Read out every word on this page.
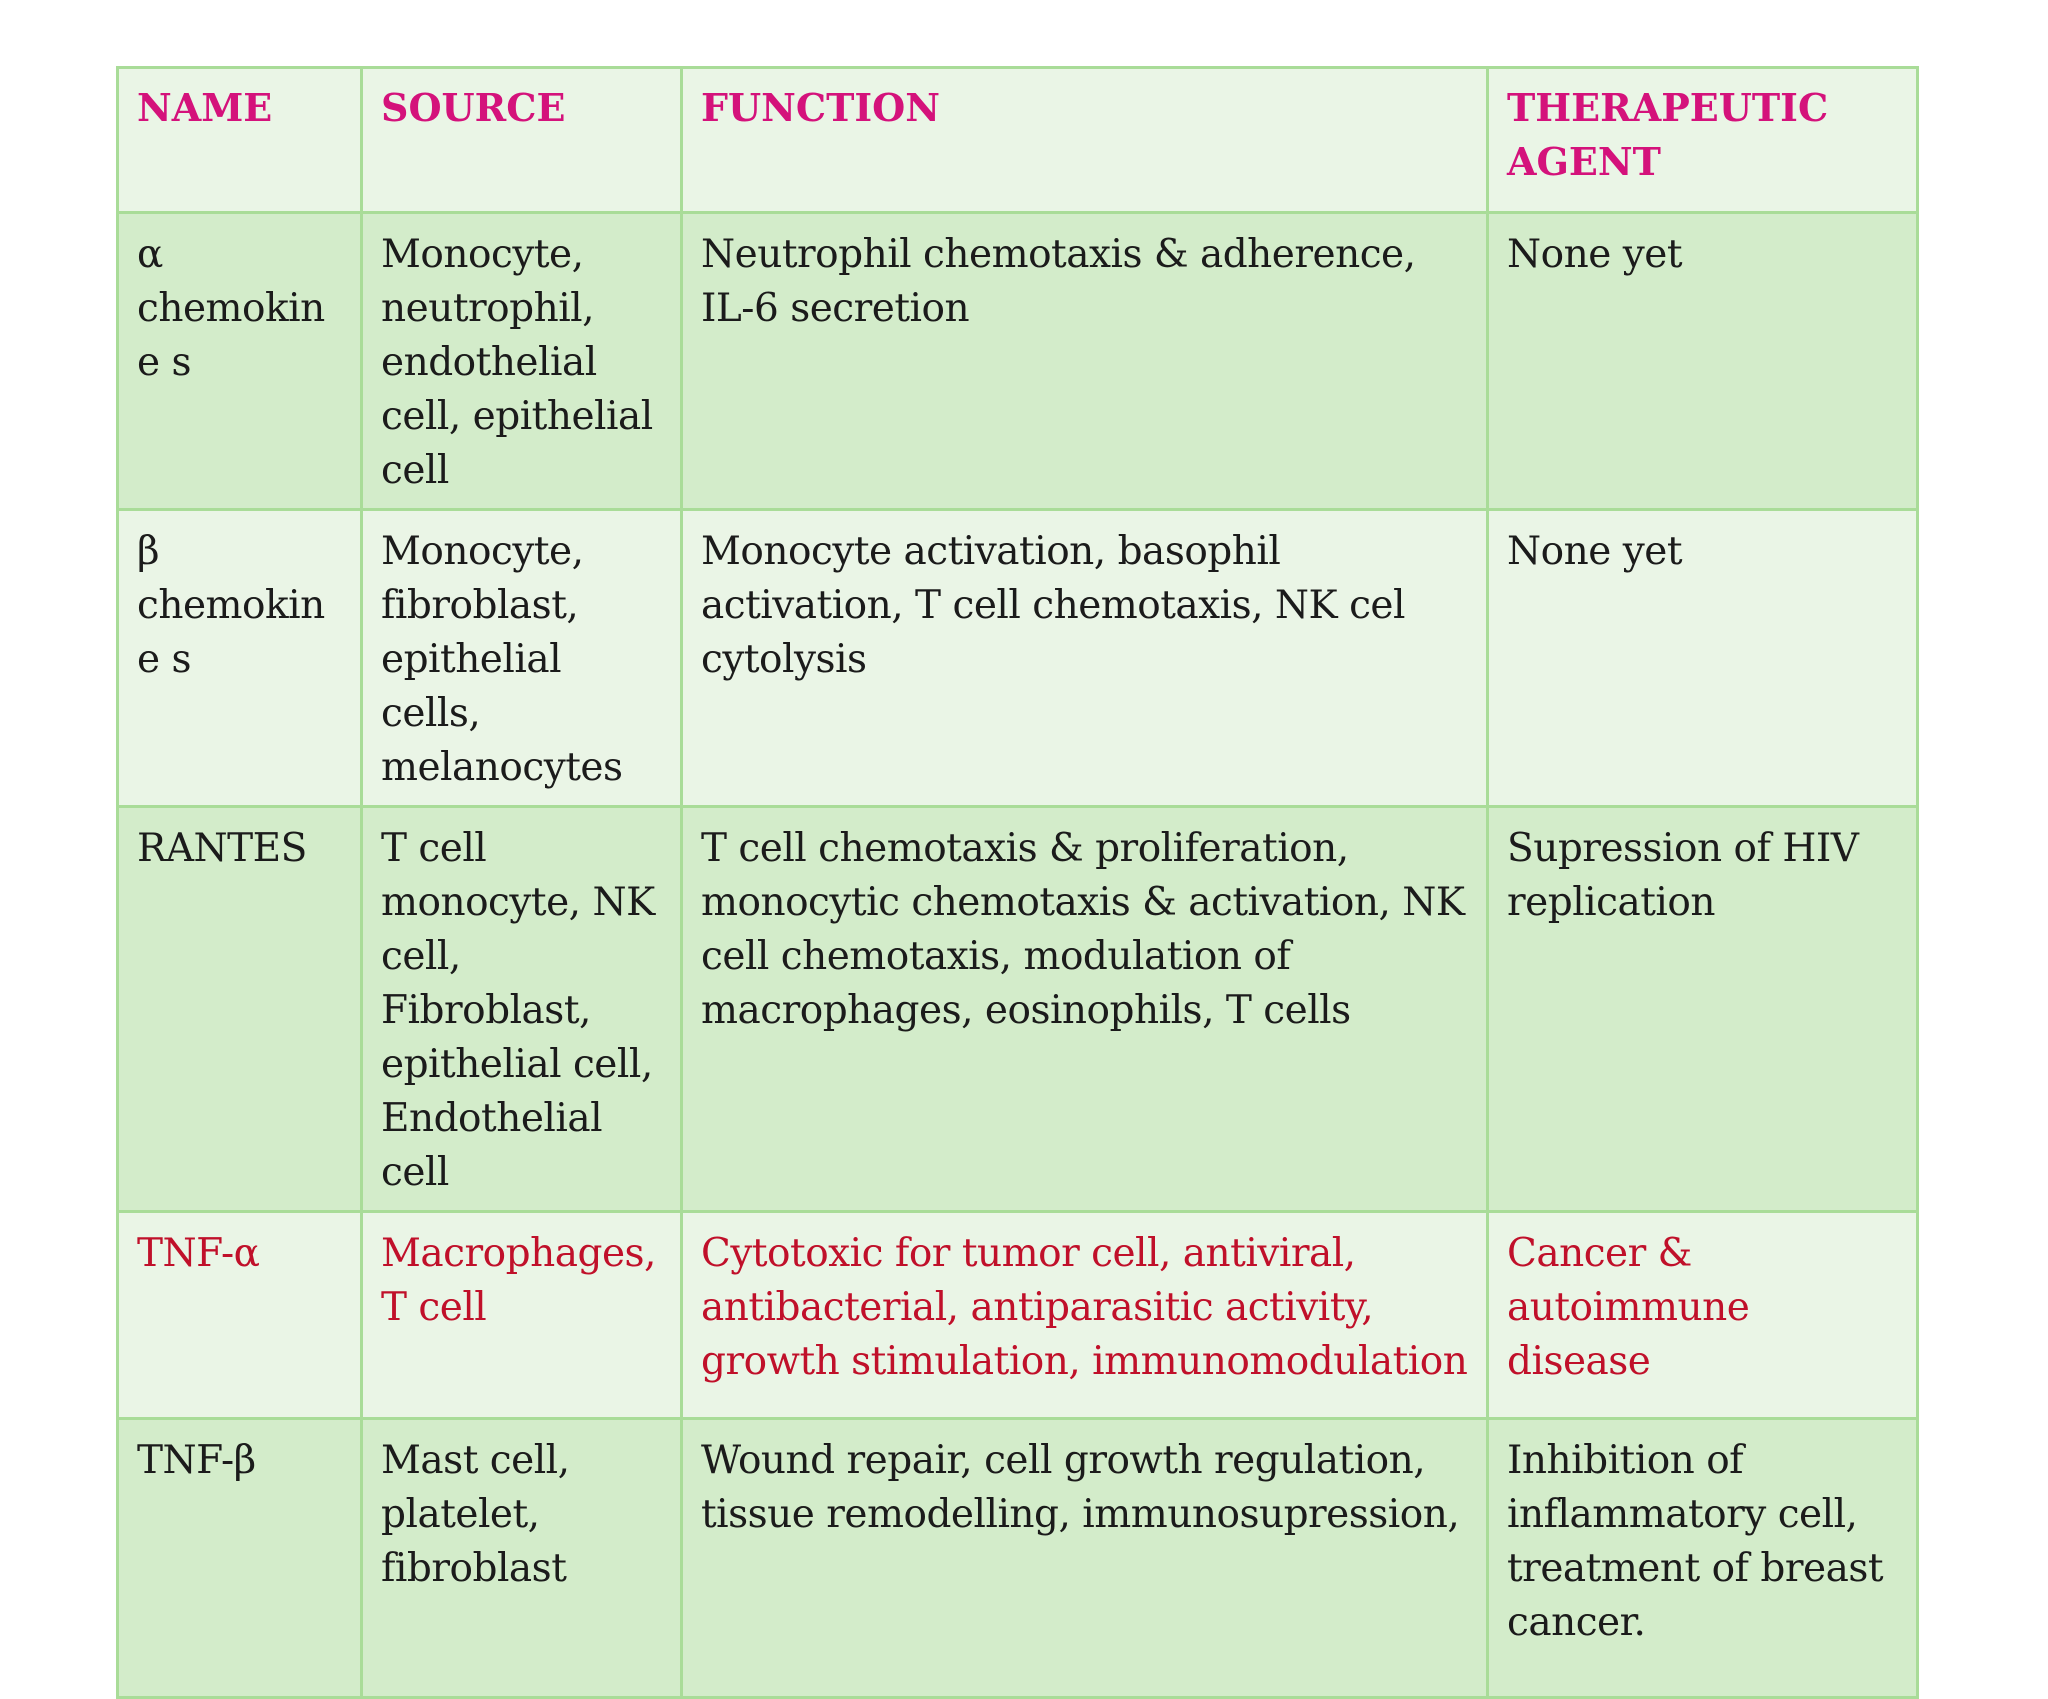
NAME	SOURCE	FUNCTION	THERAPEUTIC AGENT

α chemokine s	Monocyte, neutrophil, endothelial cell, epithelial cell	Neutrophil chemotaxis & adherence, IL-6 secretion	None yet

β chemokine s	Monocyte, fibroblast, epithelial cells, melanocytes	Monocyte activation, basophil activation, T cell chemotaxis, NK cel cytolysis	None yet

RANTES	T cell monocyte, NK cell, Fibroblast, epithelial cell, Endothelial cell	T cell chemotaxis & proliferation, monocytic chemotaxis & activation, NK cell chemotaxis, modulation of macrophages, eosinophils, T cells	Supression of HIV replication

TNF-α	Macrophages, T cell	Cytotoxic for tumor cell, antiviral, antibacterial, antiparasitic activity, growth stimulation, immunomodulation	Cancer & autoimmune disease

TNF-β	Mast cell, platelet, fibroblast	Wound repair, cell growth regulation, tissue remodelling, immunosupression,	Inhibition of inflammatory cell, treatment of breast cancer.
